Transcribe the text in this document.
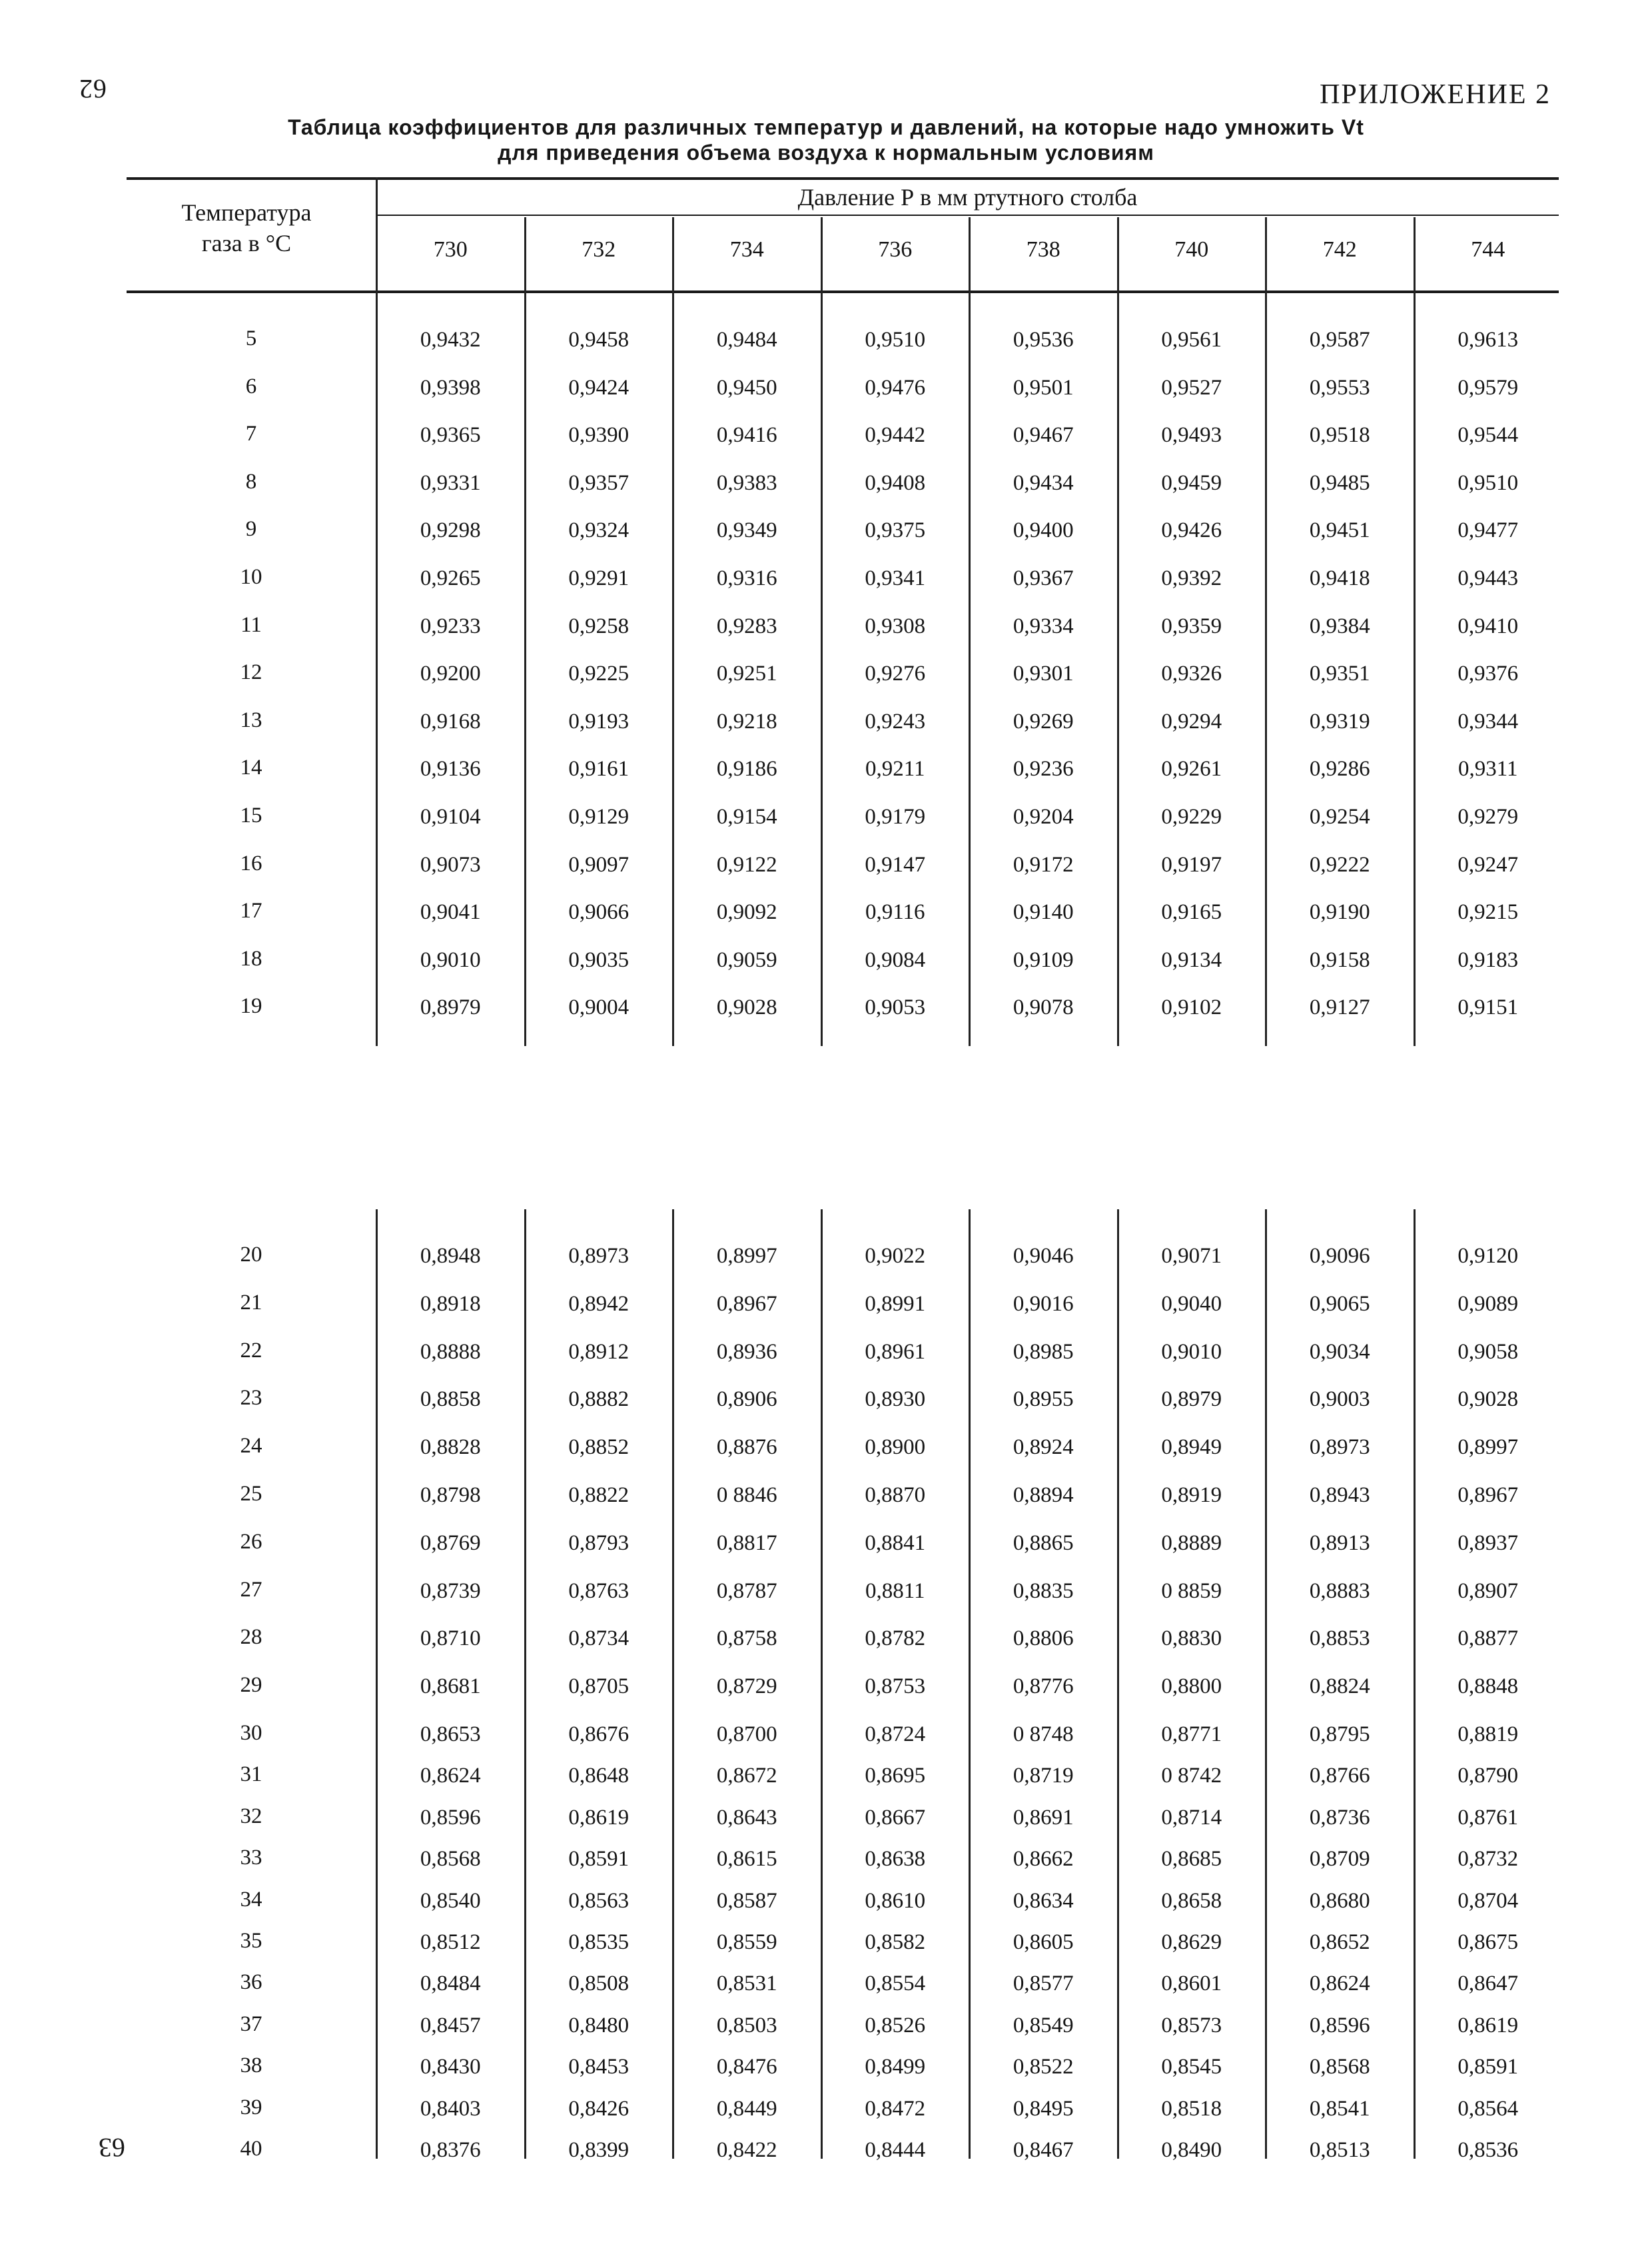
62	ПРИЛОЖЕНИЕ 2
Таблица коэффициентов для различных температур и давлений, на которые надо умножить Vt
для приведения объема воздуха к нормальным условиям
63
Температура
газа в °С
Давление Р в мм ртутного столба
730	732	734	736	738	740	742	744
5	0,9432	0,9458	0,9484	0,9510	0,9536	0,9561	0,9587	0,9613
6	0,9398	0,9424	0,9450	0,9476	0,9501	0,9527	0,9553	0,9579
7	0,9365	0,9390	0,9416	0,9442	0,9467	0,9493	0,9518	0,9544
8	0,9331	0,9357	0,9383	0,9408	0,9434	0,9459	0,9485	0,9510
9	0,9298	0,9324	0,9349	0,9375	0,9400	0,9426	0,9451	0,9477
10	0,9265	0,9291	0,9316	0,9341	0,9367	0,9392	0,9418	0,9443
11	0,9233	0,9258	0,9283	0,9308	0,9334	0,9359	0,9384	0,9410
12	0,9200	0,9225	0,9251	0,9276	0,9301	0,9326	0,9351	0,9376
13	0,9168	0,9193	0,9218	0,9243	0,9269	0,9294	0,9319	0,9344
14	0,9136	0,9161	0,9186	0,9211	0,9236	0,9261	0,9286	0,9311
15	0,9104	0,9129	0,9154	0,9179	0,9204	0,9229	0,9254	0,9279
16	0,9073	0,9097	0,9122	0,9147	0,9172	0,9197	0,9222	0,9247
17	0,9041	0,9066	0,9092	0,9116	0,9140	0,9165	0,9190	0,9215
18	0,9010	0,9035	0,9059	0,9084	0,9109	0,9134	0,9158	0,9183
19	0,8979	0,9004	0,9028	0,9053	0,9078	0,9102	0,9127	0,9151
20	0,8948	0,8973	0,8997	0,9022	0,9046	0,9071	0,9096	0,9120
21	0,8918	0,8942	0,8967	0,8991	0,9016	0,9040	0,9065	0,9089
22	0,8888	0,8912	0,8936	0,8961	0,8985	0,9010	0,9034	0,9058
23	0,8858	0,8882	0,8906	0,8930	0,8955	0,8979	0,9003	0,9028
24	0,8828	0,8852	0,8876	0,8900	0,8924	0,8949	0,8973	0,8997
25	0,8798	0,8822	0 8846	0,8870	0,8894	0,8919	0,8943	0,8967
26	0,8769	0,8793	0,8817	0,8841	0,8865	0,8889	0,8913	0,8937
27	0,8739	0,8763	0,8787	0,8811	0,8835	0 8859	0,8883	0,8907
28	0,8710	0,8734	0,8758	0,8782	0,8806	0,8830	0,8853	0,8877
29	0,8681	0,8705	0,8729	0,8753	0,8776	0,8800	0,8824	0,8848
30	0,8653	0,8676	0,8700	0,8724	0 8748	0,8771	0,8795	0,8819
31	0,8624	0,8648	0,8672	0,8695	0,8719	0 8742	0,8766	0,8790
32	0,8596	0,8619	0,8643	0,8667	0,8691	0,8714	0,8736	0,8761
33	0,8568	0,8591	0,8615	0,8638	0,8662	0,8685	0,8709	0,8732
34	0,8540	0,8563	0,8587	0,8610	0,8634	0,8658	0,8680	0,8704
35	0,8512	0,8535	0,8559	0,8582	0,8605	0,8629	0,8652	0,8675
36	0,8484	0,8508	0,8531	0,8554	0,8577	0,8601	0,8624	0,8647
37	0,8457	0,8480	0,8503	0,8526	0,8549	0,8573	0,8596	0,8619
38	0,8430	0,8453	0,8476	0,8499	0,8522	0,8545	0,8568	0,8591
39	0,8403	0,8426	0,8449	0,8472	0,8495	0,8518	0,8541	0,8564
40	0,8376	0,8399	0,8422	0,8444	0,8467	0,8490	0,8513	0,8536
